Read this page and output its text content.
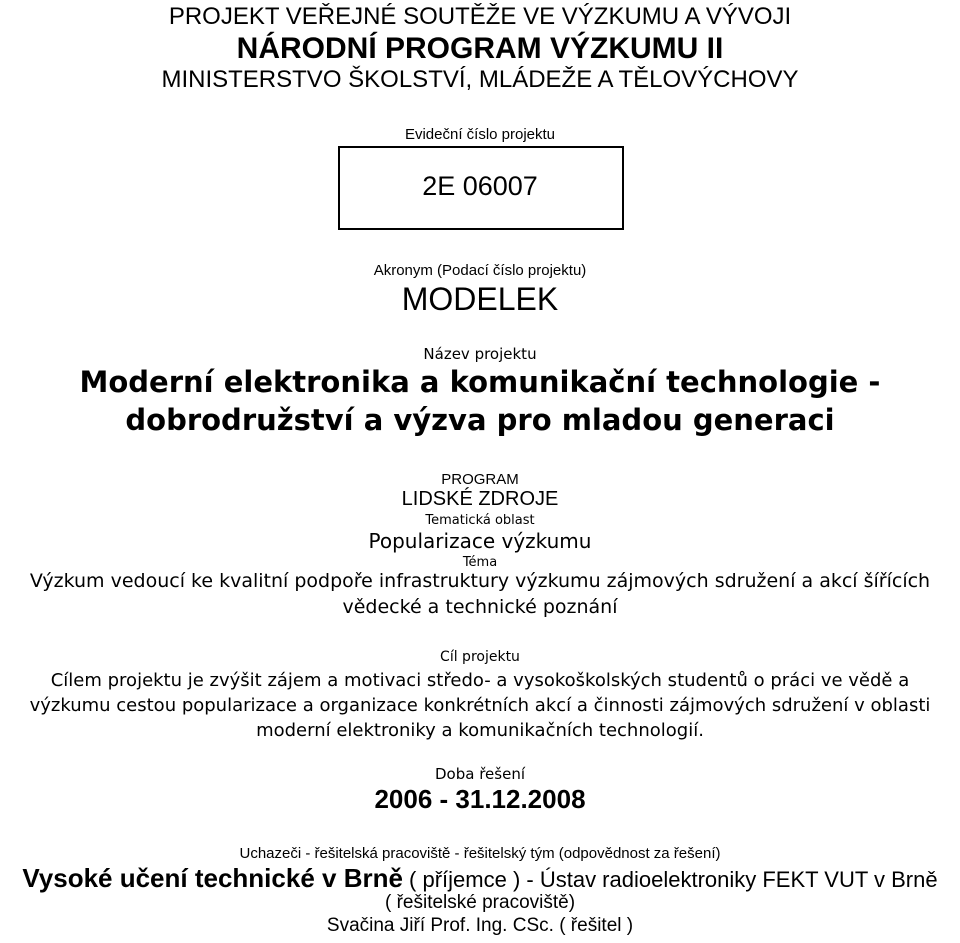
PROJEKT VEŘEJNÉ SOUTĚŽE VE VÝZKUMU A VÝVOJI
NÁRODNÍ PROGRAM VÝZKUMU II
MINISTERSTVO ŠKOLSTVÍ, MLÁDEŽE A TĚLOVÝCHOVY
Evideční číslo projektu
2E 06007
Akronym (Podací číslo projektu)
MODELEK
Název projektu
Moderní elektronika a komunikační technologie -
dobrodružství a výzva pro mladou generaci
PROGRAM
LIDSKÉ ZDROJE
Tematická oblast
Popularizace výzkumu
Téma
Výzkum vedoucí ke kvalitní podpoře infrastruktury výzkumu zájmových sdružení a akcí šířících
vědecké a technické poznání
Cíl projektu
Cílem projektu je zvýšit zájem a motivaci středo- a vysokoškolských studentů o práci ve vědě a
výzkumu cestou popularizace a organizace konkrétních akcí a činnosti zájmových sdružení v oblasti
moderní elektroniky a komunikačních technologií.
Doba řešení
2006 - 31.12.2008
Uchazeči - řešitelská pracoviště - řešitelský tým (odpovědnost za řešení)
Vysoké učení technické v Brně ( příjemce ) - Ústav radioelektroniky FEKT VUT v Brně
( řešitelské pracoviště)
Svačina Jiří Prof. Ing. CSc. ( řešitel )
